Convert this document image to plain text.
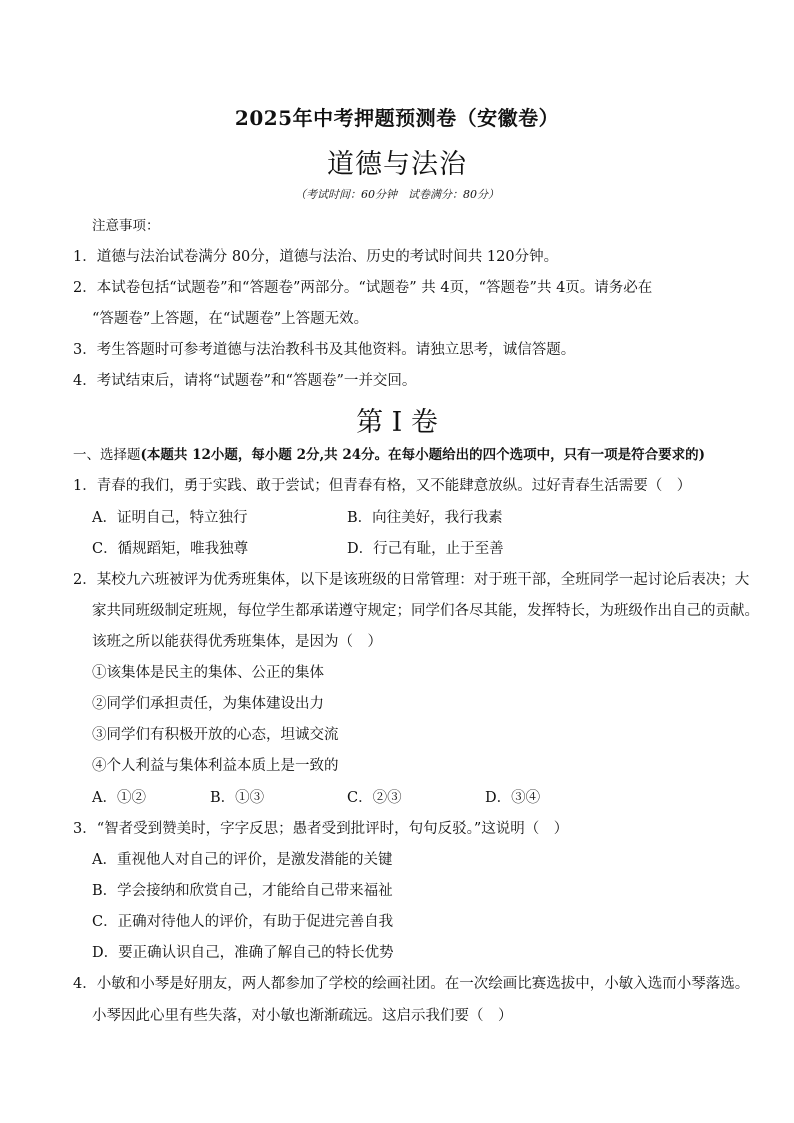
2025年中考押题预测卷（安徽卷）
道德与法治
（考试时间：60分钟　试卷满分：80分）
注意事项：
1．道德与法治试卷满分 80分，道德与法治、历史的考试时间共 120分钟。
2．本试卷包括“试题卷”和“答题卷”两部分。“试题卷” 共 4页，“答题卷”共 4页。请务必在
“答题卷”上答题，在“试题卷”上答题无效。
3．考生答题时可参考道德与法治教科书及其他资料。请独立思考，诚信答题。
4．考试结束后，请将“试题卷”和“答题卷”一并交回。
第 I 卷
一、选择题(本题共 12小题，每小题 2分,共 24分。在每小题给出的四个选项中，只有一项是符合要求的)
1．青春的我们，勇于实践、敢于尝试；但青春有格，又不能肆意放纵。过好青春生活需要（　）
A．证明自己，特立独行	B．向往美好，我行我素
C．循规蹈矩，唯我独尊	D．行己有耻，止于至善
2．某校九六班被评为优秀班集体，以下是该班级的日常管理：对于班干部，全班同学一起讨论后表决；大
家共同班级制定班规，每位学生都承诺遵守规定；同学们各尽其能，发挥特长，为班级作出自己的贡献。
该班之所以能获得优秀班集体，是因为（　）
①该集体是民主的集体、公正的集体
②同学们承担责任，为集体建设出力
③同学们有积极开放的心态，坦诚交流
④个人利益与集体利益本质上是一致的
A．①②	B．①③	C．②③	D．③④
3．“智者受到赞美时，字字反思；愚者受到批评时，句句反驳。”这说明（　）
A．重视他人对自己的评价，是激发潜能的关键
B．学会接纳和欣赏自己，才能给自己带来福祉
C．正确对待他人的评价，有助于促进完善自我
D．要正确认识自己，准确了解自己的特长优势
4．小敏和小琴是好朋友，两人都参加了学校的绘画社团。在一次绘画比赛选拔中，小敏入选而小琴落选。
小琴因此心里有些失落，对小敏也渐渐疏远。这启示我们要（　）
